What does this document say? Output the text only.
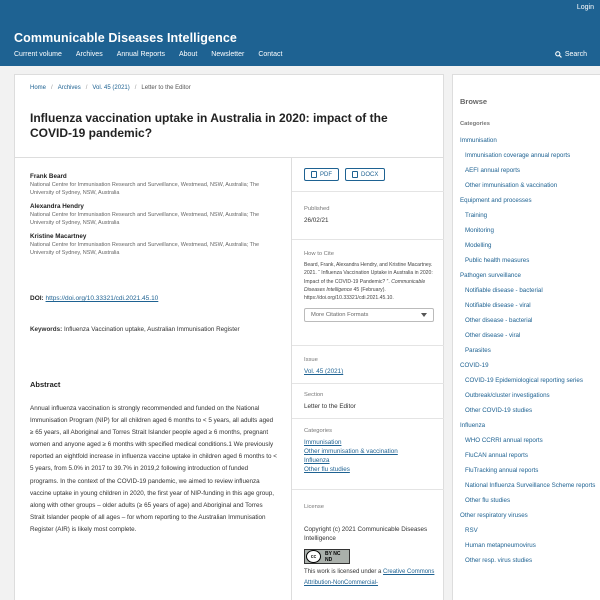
Login
Communicable Diseases Intelligence
Current volume Archives Annual Reports About Newsletter Contact	Search
Home / Archives / Vol. 45 (2021) / Letter to the Editor
Influenza vaccination uptake in Australia in 2020: impact of the COVID-19 pandemic?
Frank Beard
National Centre for Immunisation Research and Surveillance, Westmead, NSW, Australia; The University of Sydney, NSW, Australia
Alexandra Hendry
National Centre for Immunisation Research and Surveillance, Westmead, NSW, Australia; The University of Sydney, NSW, Australia
Kristine Macartney
National Centre for Immunisation Research and Surveillance, Westmead, NSW, Australia; The University of Sydney, NSW, Australia
DOI: https://doi.org/10.33321/cdi.2021.45.10
Keywords: Influenza Vaccination uptake, Australian Immunisation Register
Abstract

Annual influenza vaccination is strongly recommended and funded on the National Immunisation Program (NIP) for all children aged 6 months to < 5 years, all adults aged ≥ 65 years, all Aboriginal and Torres Strait Islander people aged ≥ 6 months, pregnant women and anyone aged ≥ 6 months with specified medical conditions.1 We previously reported an eightfold increase in influenza vaccine uptake in children aged 6 months to < 5 years, from 5.0% in 2017 to 39.7% in 2019,2 following introduction of funded programs. In the context of the COVID-19 pandemic, we aimed to review influenza vaccine uptake in young children in 2020, the first year of NIP-funding in this age group, along with other groups – older adults (≥ 65 years of age) and Aboriginal and Torres Strait Islander people of all ages – for whom reporting to the Australian Immunisation Register (AIR) is likely most complete.

PDF	DOCX
Published
26/02/21
How to Cite
Beard, Frank, Alexandra Hendry, and Kristine Macartney. 2021. “ Influenza Vaccination Uptake in Australia in 2020: Impact of the COVID-19 Pandemic? ”. Communicable Diseases Intelligence 45 (February). https://doi.org/10.33321/cdi.2021.45.10.
More Citation Formats
Issue
Vol. 45 (2021)
Section
Letter to the Editor
Categories
Immunisation
Other immunisation & vaccination
Influenza
Other flu studies
License
Copyright (c) 2021 Communicable Diseases Intelligence
cc	BY NC ND
This work is licensed under a Creative Commons Attribution-NonCommercial-
Browse
Categories
Immunisation
Immunisation coverage annual reports
AEFI annual reports
Other immunisation & vaccination
Equipment and processes
Training
Monitoring
Modelling
Public health measures
Pathogen surveillance
Notifiable disease - bacterial
Notifiable disease - viral
Other disease - bacterial
Other disease - viral
Parasites
COVID-19
COVID-19 Epidemiological reporting series
Outbreak/cluster investigations
Other COVID-19 studies
Influenza
WHO CCRRI annual reports
FluCAN annual reports
FluTracking annual reports
National Influenza Surveillance Scheme reports
Other flu studies
Other respiratory viruses
RSV
Human metapneumovirus
Other resp. virus studies
